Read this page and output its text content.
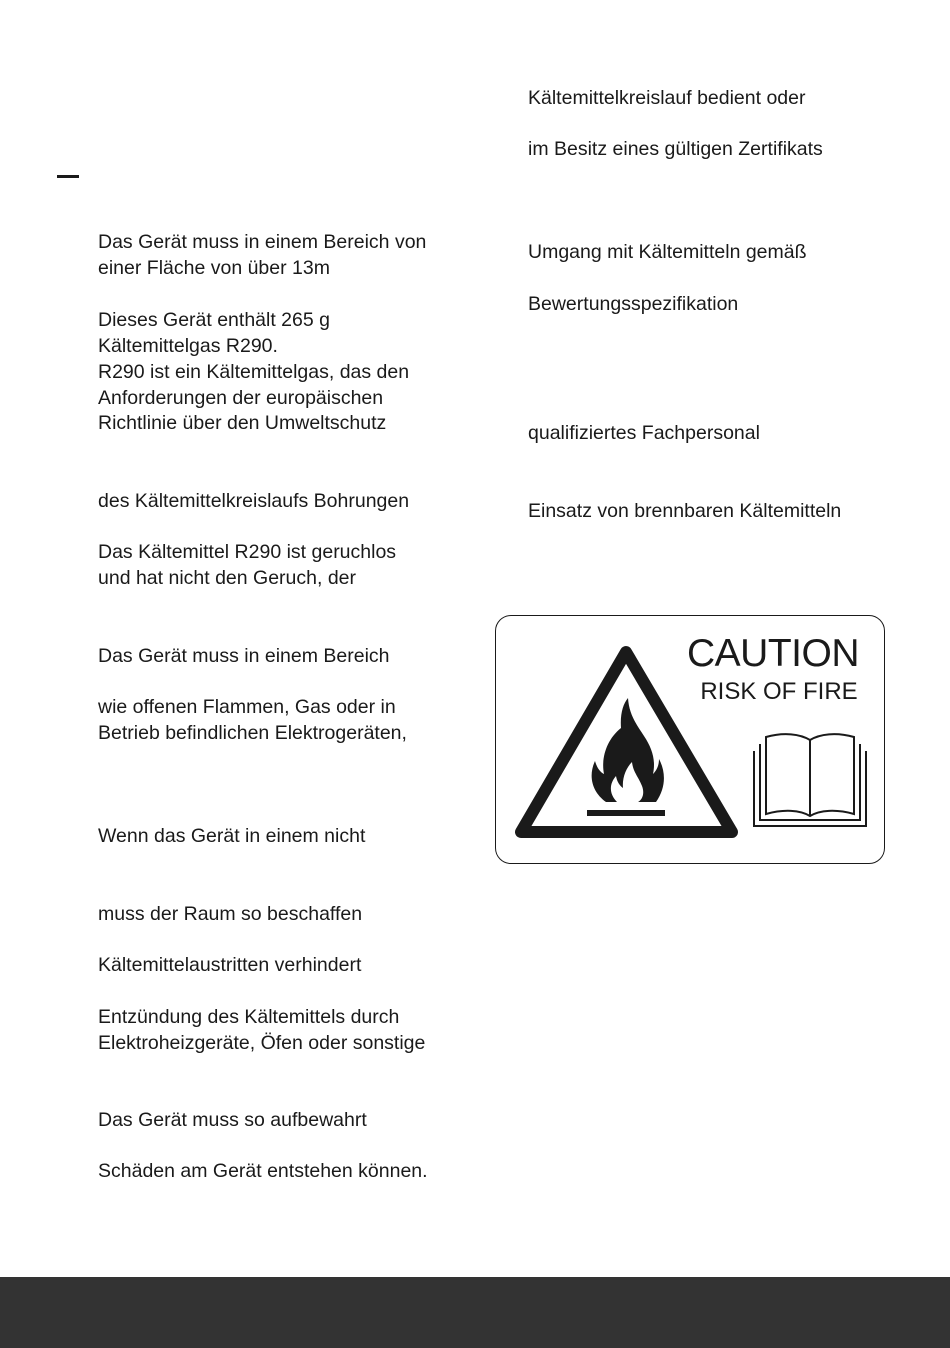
Das Gerät muss in einem Bereich von

einer Fläche von über 13m

Dieses Gerät enthält 265 g

Kältemittelgas R290.

R290 ist ein Kältemittelgas, das den

Anforderungen der europäischen

Richtlinie über den Umweltschutz

des Kältemittelkreislaufs Bohrungen

Das Kältemittel R290 ist geruchlos

und hat nicht den Geruch, der

Das Gerät muss in einem Bereich

wie offenen Flammen, Gas oder in

Betrieb befindlichen Elektrogeräten,

Wenn das Gerät in einem nicht

muss der Raum so beschaffen

Kältemittelaustritten verhindert

Entzündung des Kältemittels durch

Elektroheizgeräte, Öfen oder sonstige

Das Gerät muss so aufbewahrt

Schäden am Gerät entstehen können.

Kältemittelkreislauf bedient oder

im Besitz eines gültigen Zertifikats

Umgang mit Kältemitteln gemäß

Bewertungsspezifikation

qualifiziertes Fachpersonal

Einsatz von brennbaren Kältemitteln

CAUTION

RISK OF FIRE
